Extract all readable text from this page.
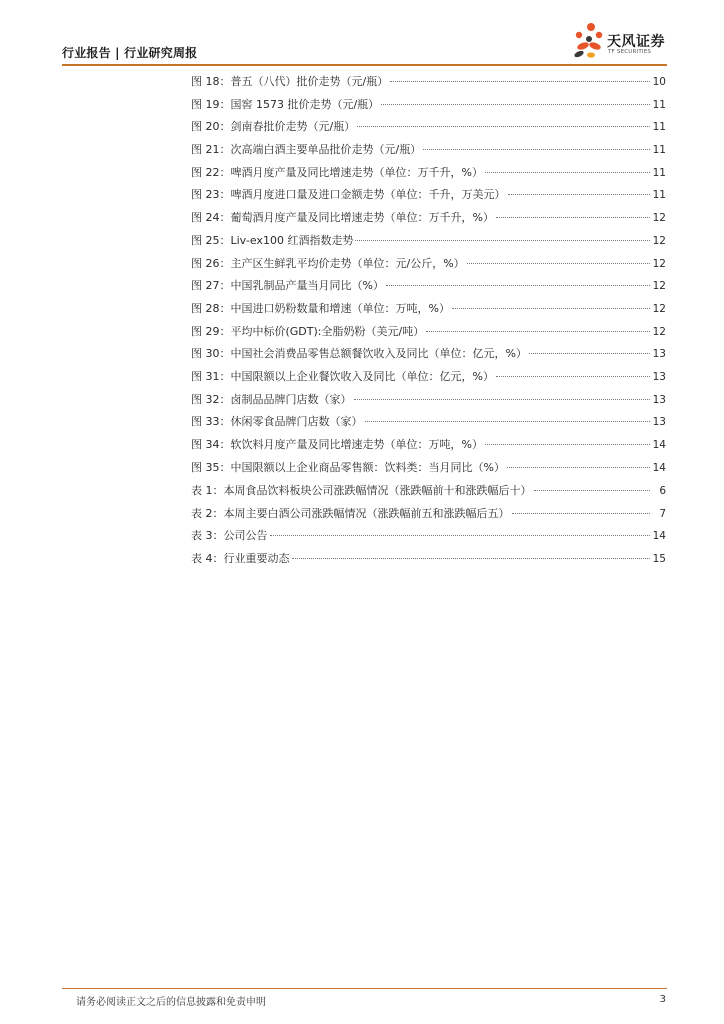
行业报告 | 行业研究周报
天风证券
TF SECURITIES
图 18：普五（八代）批价走势（元/瓶）	10
图 19：国窖 1573 批价走势（元/瓶）	11
图 20：剑南春批价走势（元/瓶）	11
图 21：次高端白酒主要单品批价走势（元/瓶）	11
图 22：啤酒月度产量及同比增速走势（单位：万千升，%）	11
图 23：啤酒月度进口量及进口金额走势（单位：千升，万美元）	11
图 24：葡萄酒月度产量及同比增速走势（单位：万千升，%）	12
图 25：Liv-ex100 红酒指数走势	12
图 26：主产区生鲜乳平均价走势（单位：元/公斤，%）	12
图 27：中国乳制品产量当月同比（%）	12
图 28：中国进口奶粉数量和增速（单位：万吨，%）	12
图 29：平均中标价(GDT):全脂奶粉（美元/吨）	12
图 30：中国社会消费品零售总额餐饮收入及同比（单位：亿元，%）	13
图 31：中国限额以上企业餐饮收入及同比（单位：亿元，%）	13
图 32：卤制品品牌门店数（家）	13
图 33：休闲零食品牌门店数（家）	13
图 34：软饮料月度产量及同比增速走势（单位：万吨，%）	14
图 35：中国限额以上企业商品零售额：饮料类：当月同比（%）	14
表 1：本周食品饮料板块公司涨跌幅情况（涨跌幅前十和涨跌幅后十）	6
表 2：本周主要白酒公司涨跌幅情况（涨跌幅前五和涨跌幅后五）	7
表 3：公司公告	14
表 4：行业重要动态	15
请务必阅读正文之后的信息披露和免责申明	3
